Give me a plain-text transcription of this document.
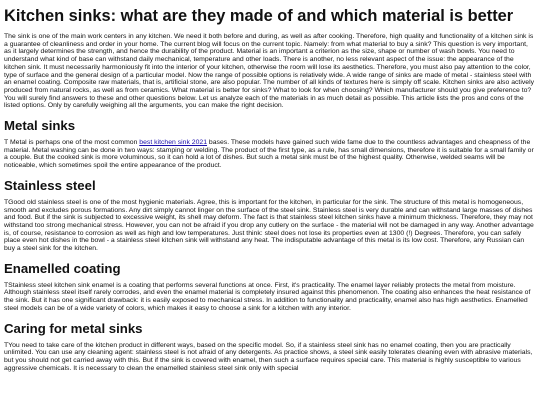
Kitchen sinks: what are they made of and which material is better

The sink is one of the main work centers in any kitchen. We need it both before and during, as well as after cooking. Therefore, high quality and functionality of a kitchen sink is a guarantee of cleanliness and order in your home. The current blog will focus on the current topic. Namely: from what material to buy a sink? This question is very important, as it largely determines the strength, and hence the durability of the product. Material is an important a criterion as the size, shape or number of wash bowls. You need to understand what kind of base can withstand daily mechanical, temperature and other loads. There is another, no less relevant aspect of the issue: the appearance of the kitchen sink. It must necessarily harmoniously fit into the interior of your kitchen, otherwise the room will lose its aesthetics. Therefore, you must also pay attention to the color, type of surface and the general design of a particular model. Now the range of possible options is relatively wide. A wide range of sinks are made of metal - stainless steel with an enamel coating. Composite raw materials, that is, artificial stone, are also popular. The number of all kinds of textures here is simply off scale. Kitchen sinks are also actively produced from natural rocks, as well as from ceramics. What material is better for sinks? What to look for when choosing? Which manufacturer should you give preference to? You will surely find answers to these and other questions below. Let us analyze each of the materials in as much detail as possible. This article lists the pros and cons of the listed options. Only by carefully weighing all the arguments, you can make the right decision.

Metal sinks

T Metal is perhaps one of the most common best kitchen sink 2021 bases. These models have gained such wide fame due to the countless advantages and cheapness of the material. Metal washing can be done in two ways: stamping or welding. The product of the first type, as a rule, has small dimensions, therefore it is suitable for a small family or a couple. But the cooked sink is more voluminous, so it can hold a lot of dishes. But such a metal sink must be of the highest quality. Otherwise, welded seams will be noticeable, which sometimes spoil the entire appearance of the product.

Stainless steel

TGood old stainless steel is one of the most hygienic materials. Agree, this is important for the kitchen, in particular for the sink. The structure of this metal is homogeneous, smooth and excludes porous formations. Any dirt simply cannot linger on the surface of the steel sink. Stainless steel is very durable and can withstand large masses of dishes and food. But if the sink is subjected to excessive weight, its shell may deform. The fact is that stainless steel kitchen sinks have a minimum thickness. Therefore, they may not withstand too strong mechanical stress. However, you can not be afraid if you drop any cutlery on the surface - the material will not be damaged in any way. Another advantage is, of course, resistance to corrosion as well as high and low temperatures. Just think: steel does not lose its properties even at 1300 (!) Degrees. Therefore, you can safely place even hot dishes in the bowl - a stainless steel kitchen sink will withstand any heat. The indisputable advantage of this metal is its low cost. Therefore, any Russian can buy a steel sink for the kitchen.

Enamelled coating

TStainless steel kitchen sink enamel is a coating that performs several functions at once. First, it's practicality. The enamel layer reliably protects the metal from moisture. Although stainless steel itself rarely corrodes, and even the enamel material is completely insured against this phenomenon. The coating also enhances the heat resistance of the sink. But it has one significant drawback: it is easily exposed to mechanical stress. In addition to functionality and practicality, enamel also has high aesthetics. Enamelled steel models can be of a wide variety of colors, which makes it easy to choose a sink for a kitchen with any interior.

Caring for metal sinks

TYou need to take care of the kitchen product in different ways, based on the specific model. So, if a stainless steel sink has no enamel coating, then you are practically unlimited. You can use any cleaning agent: stainless steel is not afraid of any detergents. As practice shows, a steel sink easily tolerates cleaning even with abrasive materials, but you should not get carried away with this. But if the sink is covered with enamel, then such a surface requires special care. This material is highly susceptible to various aggressive chemicals. It is necessary to clean the enamelled stainless steel sink only with special
